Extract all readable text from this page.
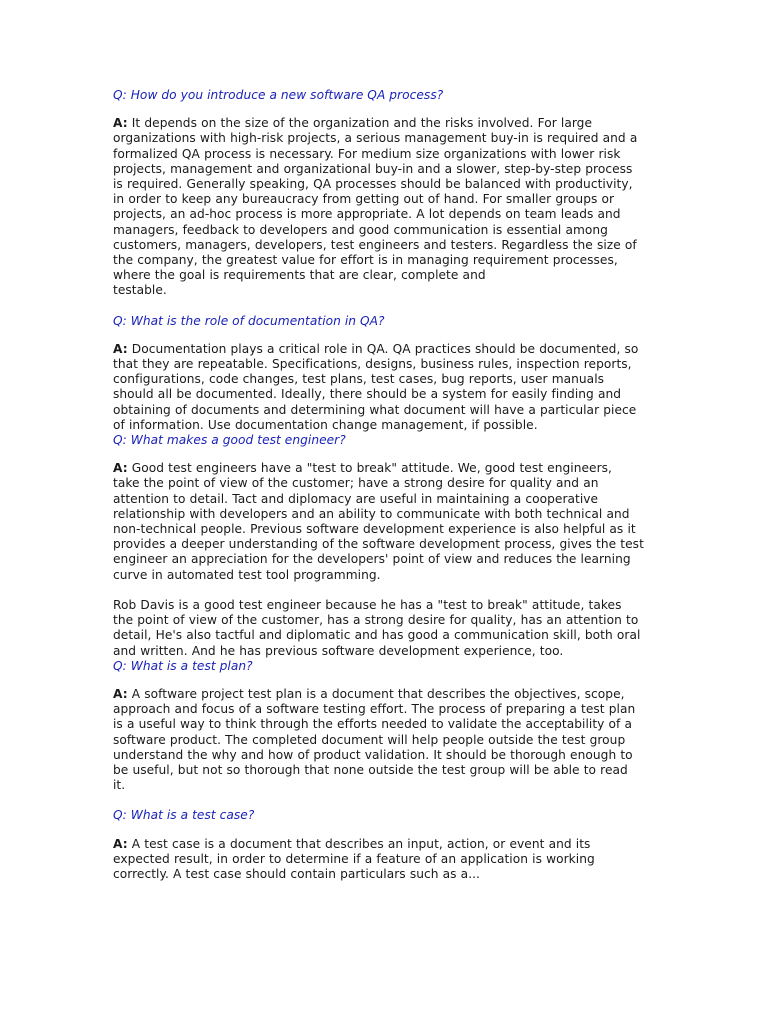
Q: How do you introduce a new software QA process?

A: It depends on the size of the organization and the risks involved. For large
organizations with high-risk projects, a serious management buy-in is required and a
formalized QA process is necessary. For medium size organizations with lower risk
projects, management and organizational buy-in and a slower, step-by-step process
is required. Generally speaking, QA processes should be balanced with productivity,
in order to keep any bureaucracy from getting out of hand. For smaller groups or
projects, an ad-hoc process is more appropriate. A lot depends on team leads and
managers, feedback to developers and good communication is essential among
customers, managers, developers, test engineers and testers. Regardless the size of
the company, the greatest value for effort is in managing requirement processes,
where the goal is requirements that are clear, complete and
testable.

Q: What is the role of documentation in QA?

A: Documentation plays a critical role in QA. QA practices should be documented, so
that they are repeatable. Specifications, designs, business rules, inspection reports,
configurations, code changes, test plans, test cases, bug reports, user manuals
should all be documented. Ideally, there should be a system for easily finding and
obtaining of documents and determining what document will have a particular piece
of information. Use documentation change management, if possible.

Q: What makes a good test engineer?

A: Good test engineers have a "test to break" attitude. We, good test engineers,
take the point of view of the customer; have a strong desire for quality and an
attention to detail. Tact and diplomacy are useful in maintaining a cooperative
relationship with developers and an ability to communicate with both technical and
non-technical people. Previous software development experience is also helpful as it
provides a deeper understanding of the software development process, gives the test
engineer an appreciation for the developers' point of view and reduces the learning
curve in automated test tool programming.

Rob Davis is a good test engineer because he has a "test to break" attitude, takes
the point of view of the customer, has a strong desire for quality, has an attention to
detail, He's also tactful and diplomatic and has good a communication skill, both oral
and written. And he has previous software development experience, too.

Q: What is a test plan?

A: A software project test plan is a document that describes the objectives, scope,
approach and focus of a software testing effort. The process of preparing a test plan
is a useful way to think through the efforts needed to validate the acceptability of a
software product. The completed document will help people outside the test group
understand the why and how of product validation. It should be thorough enough to
be useful, but not so thorough that none outside the test group will be able to read
it.

Q: What is a test case?

A: A test case is a document that describes an input, action, or event and its
expected result, in order to determine if a feature of an application is working
correctly. A test case should contain particulars such as a...
